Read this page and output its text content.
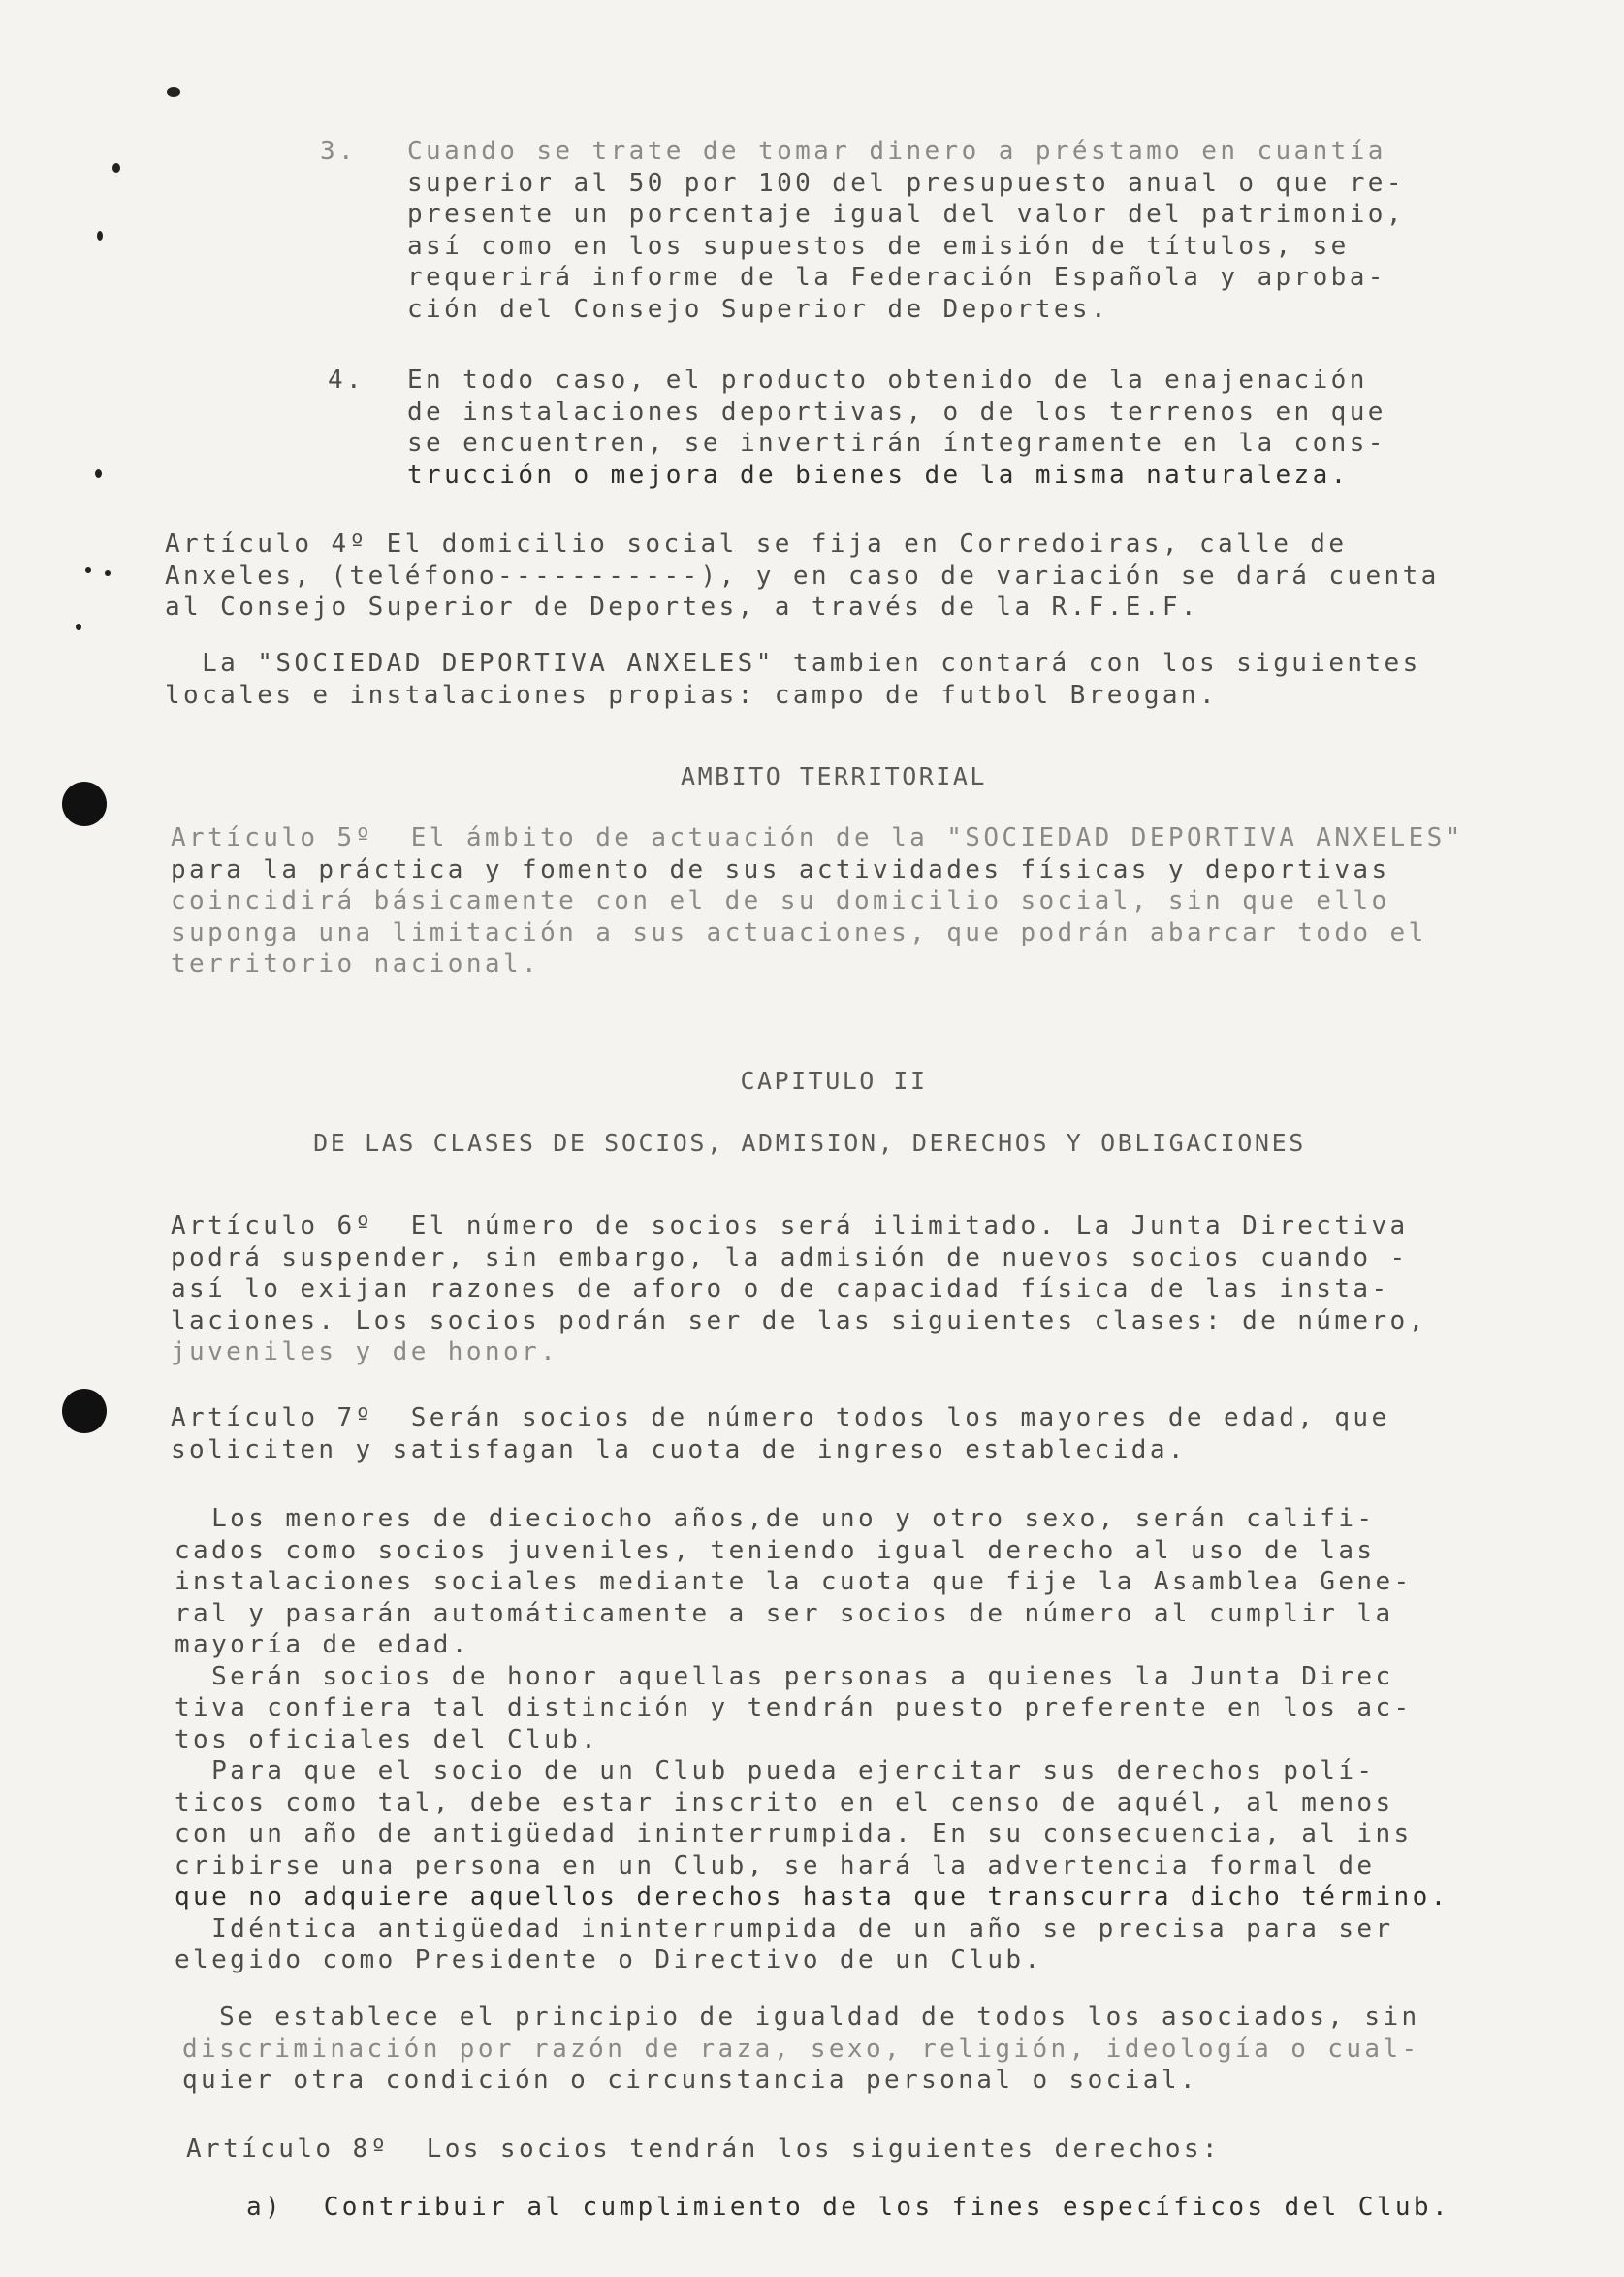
3. Cuando se trate de tomar dinero a préstamo en cuantía
superior al 50 por 100 del presupuesto anual o que re-
presente un porcentaje igual del valor del patrimonio,
así como en los supuestos de emisión de títulos, se
requerirá informe de la Federación Española y aproba-
ción del Consejo Superior de Deportes.
4. En todo caso, el producto obtenido de la enajenación
de instalaciones deportivas, o de los terrenos en que
se encuentren, se invertirán íntegramente en la cons-
trucción o mejora de bienes de la misma naturaleza.
Artículo 4º El domicilio social se fija en Corredoiras, calle de
Anxeles, (teléfono-----------), y en caso de variación se dará cuenta
al Consejo Superior de Deportes, a través de la R.F.E.F.
La "SOCIEDAD DEPORTIVA ANXELES" tambien contará con los siguientes
locales e instalaciones propias: campo de futbol Breogan.
AMBITO TERRITORIAL
Artículo 5º  El ámbito de actuación de la "SOCIEDAD DEPORTIVA ANXELES"
para la práctica y fomento de sus actividades físicas y deportivas
coincidirá básicamente con el de su domicilio social, sin que ello
suponga una limitación a sus actuaciones, que podrán abarcar todo el
territorio nacional.
CAPITULO II
DE LAS CLASES DE SOCIOS, ADMISION, DERECHOS Y OBLIGACIONES
Artículo 6º  El número de socios será ilimitado. La Junta Directiva
podrá suspender, sin embargo, la admisión de nuevos socios cuando -
así lo exijan razones de aforo o de capacidad física de las insta-
laciones. Los socios podrán ser de las siguientes clases: de número,
juveniles y de honor.
Artículo 7º  Serán socios de número todos los mayores de edad, que
soliciten y satisfagan la cuota de ingreso establecida.
Los menores de dieciocho años,de uno y otro sexo, serán califi-
cados como socios juveniles, teniendo igual derecho al uso de las
instalaciones sociales mediante la cuota que fije la Asamblea Gene-
ral y pasarán automáticamente a ser socios de número al cumplir la
mayoría de edad.
Serán socios de honor aquellas personas a quienes la Junta Direc
tiva confiera tal distinción y tendrán puesto preferente en los ac-
tos oficiales del Club.
Para que el socio de un Club pueda ejercitar sus derechos polí-
ticos como tal, debe estar inscrito en el censo de aquél, al menos
con un año de antigüedad ininterrumpida. En su consecuencia, al ins
cribirse una persona en un Club, se hará la advertencia formal de
que no adquiere aquellos derechos hasta que transcurra dicho término.
Idéntica antigüedad ininterrumpida de un año se precisa para ser
elegido como Presidente o Directivo de un Club.
Se establece el principio de igualdad de todos los asociados, sin
discriminación por razón de raza, sexo, religión, ideología o cual-
quier otra condición o circunstancia personal o social.
Artículo 8º  Los socios tendrán los siguientes derechos:
a) Contribuir al cumplimiento de los fines específicos del Club.
